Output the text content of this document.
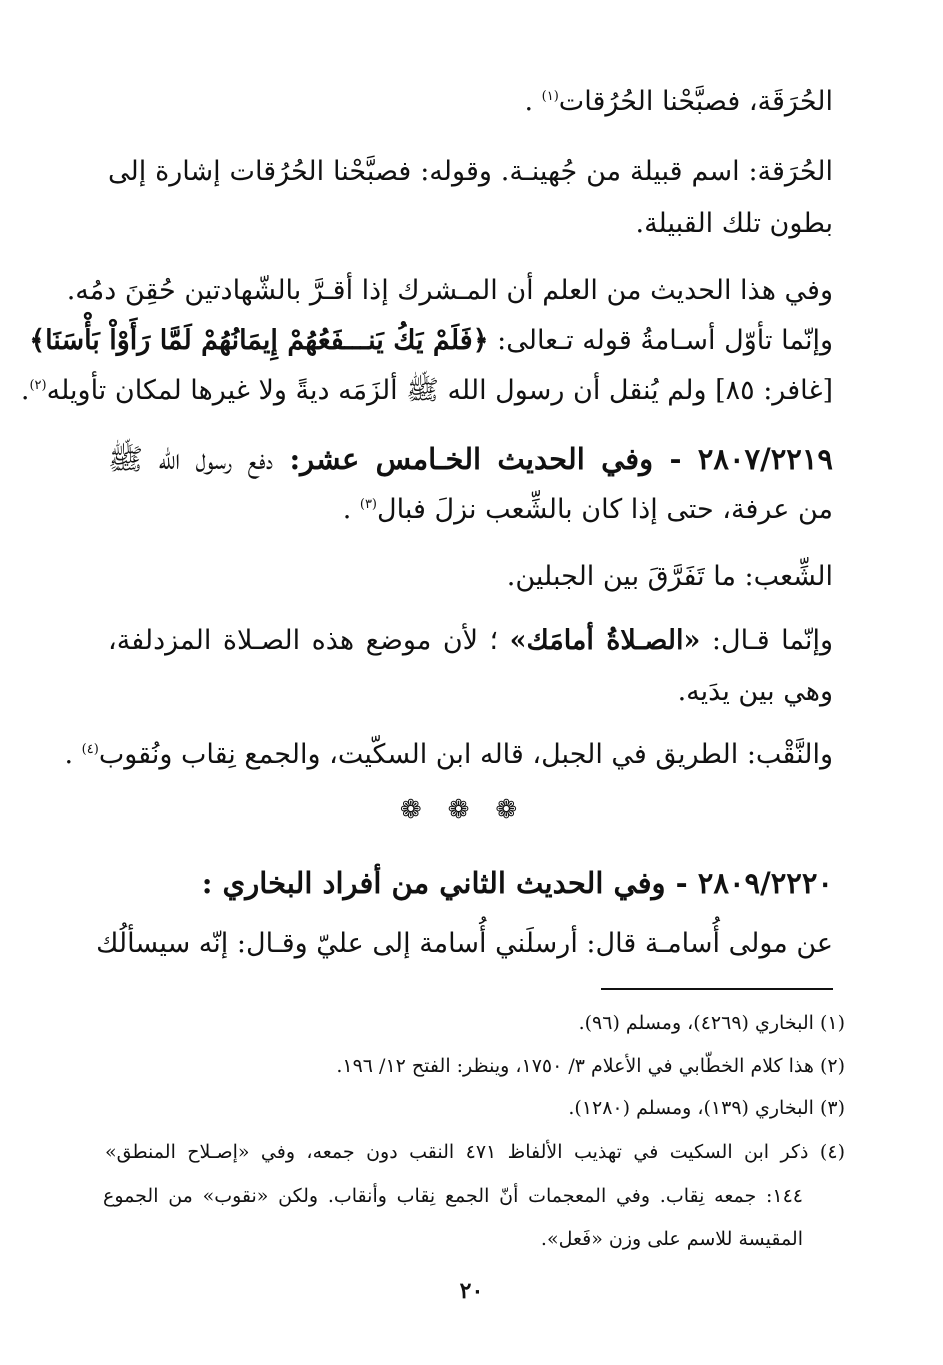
الحُرَقَة، فصبَّحْنا الحُرُقات$^{(١)}$ .
الحُرَقة: اسم قبيلة من جُهينـة. وقوله: فصبَّحْنا الحُرُقات إشارة إلى
بطون تلك القبيلة.
وفي هذا الحديث من العلم أن المـشرك إذا أقـرَّ بالشّهادتين حُقِنَ دمُه.
وإنّما تأوّل أسـامةُ قوله تـعالى: ﴿فَلَمْ يَكُ يَنـــفَعُهُمْ إِيمَانُهُمْ لَمَّا رَأَوْاْ بَأْسَنَا﴾
[غافر: ٨٥] ولم يُنقل أن رسول الله ﷺ ألزَمَه ديةً ولا غيرها لمكان تأويله$^{(٢)}$.
٢٨٠٧/٢٢١٩ - وفي الحديث الخـامس عشر: دفع رسول الله ﷺ
من عرفة، حتى إذا كان بالشِّعب نزلَ فبال$^{(٣)}$ .
الشِّعب: ما تَفَرَّقَ بين الجبلين.
وإنّما قـال: «الصـلاةُ أمامَك» ؛ لأن موضع هذه الصـلاة المزدلفة،
وهي بين يدَيه.
والنَّقْب: الطريق في الجبل، قاله ابن السكّيت، والجمع نِقاب ونُقوب$^{(٤)}$ .
❁❁❁
٢٨٠٩/٢٢٢٠ - وفي الحديث الثاني من أفراد البخاري :
عن مولى أُسامـة قال: أرسلَني أُسامة إلى عليّ وقـال: إنّه سيسألُك
(١) البخاري (٤٢٦٩)، ومسلم (٩٦).
(٢) هذا كلام الخطّابي في الأعلام ٣/ ١٧٥٠، وينظر: الفتح ١٢/ ١٩٦.
(٣) البخاري (١٣٩)، ومسلم (١٢٨٠).
(٤) ذكر ابن السكيت في تهذيب الألفاظ ٤٧١ النقب دون جمعه، وفي «إصـلاح المنطق»
١٤٤: جمعه نِقاب. وفي المعجمات أنّ الجمع نِقاب وأنقاب. ولكن «نقوب» من الجموع
المقيسة للاسم على وزن «فَعل».
٢٠
